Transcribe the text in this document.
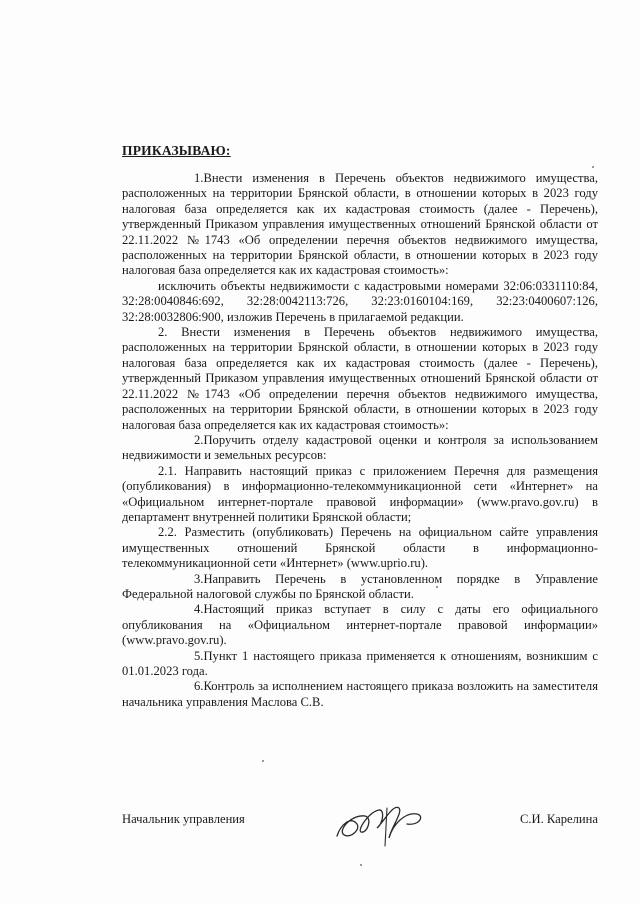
ПРИКАЗЫВАЮ:

1.Внести изменения в Перечень объектов недвижимого имущества, расположенных на территории Брянской области, в отношении которых в 2023 году налоговая база определяется как их кадастровая стоимость (далее - Перечень), утвержденный Приказом управления имущественных отношений Брянской области от 22.11.2022 №1743 «Об определении перечня объектов недвижимого имущества, расположенных на территории Брянской области, в отношении которых в 2023 году налоговая база определяется как их кадастровая стоимость»:

исключить объекты недвижимости с кадастровыми номерами 32:06:0331110:84, 32:28:0040846:692, 32:28:0042113:726, 32:23:0160104:169, 32:23:0400607:126, 32:28:0032806:900, изложив Перечень в прилагаемой редакции.

2. Внести изменения в Перечень объектов недвижимого имущества, расположенных на территории Брянской области, в отношении которых в 2023 году налоговая база определяется как их кадастровая стоимость (далее - Перечень), утвержденный Приказом управления имущественных отношений Брянской области от 22.11.2022 №1743 «Об определении перечня объектов недвижимого имущества, расположенных на территории Брянской области, в отношении которых в 2023 году налоговая база определяется как их кадастровая стоимость»:

2.Поручить отделу кадастровой оценки и контроля за использованием недвижимости и земельных ресурсов:

2.1. Направить настоящий приказ с приложением Перечня для размещения (опубликования) в информационно-телекоммуникационной сети «Интернет» на «Официальном интернет-портале правовой информации» (www.pravo.gov.ru) в департамент внутренней политики Брянской области;

2.2. Разместить (опубликовать) Перечень на официальном сайте управления имущественных отношений Брянской области в информационно-телекоммуникационной сети «Интернет» (www.uprio.ru).

3.Направить Перечень в установленном порядке в Управление Федеральной налоговой службы по Брянской области.

4.Настоящий приказ вступает в силу с даты его официального опубликования на «Официальном интернет-портале правовой информации» (www.pravo.gov.ru).

5.Пункт 1 настоящего приказа применяется к отношениям, возникшим с 01.01.2023 года.

6.Контроль за исполнением настоящего приказа возложить на заместителя начальника управления Маслова С.В.

Начальник управления	С.И. Карелина
